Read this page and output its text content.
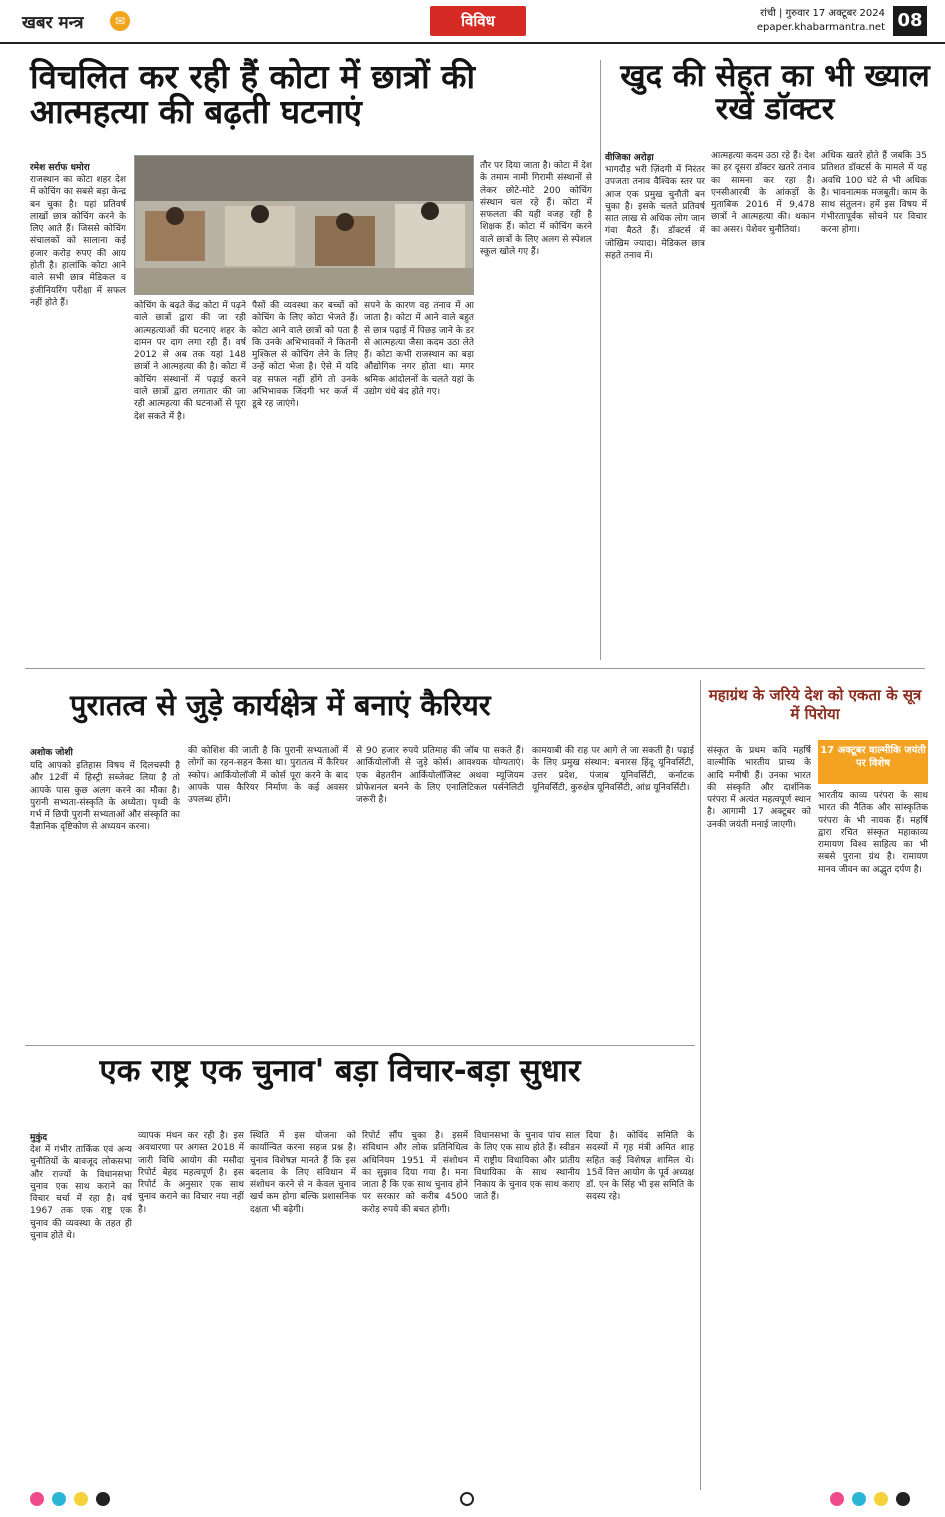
खबर मन्त्र	✉	विविध	रांची | गुरुवार 17 अक्टूबर 2024
epaper.khabarmantra.net 08
विचलित कर रही हैं कोटा में छात्रों की आत्महत्या की बढ़ती घटनाएं
रमेश सर्राफ धमोरा
राजस्थान का कोटा शहर देश में कोचिंग का सबसे बड़ा केन्द्र बन चुका है। यहां प्रतिवर्ष लाखों छात्र कोचिंग करने के लिए आते हैं। जिससे कोचिंग संचालकों को सालाना कई हजार करोड़ रुपए की आय होती है। हालांकि कोटा आने वाले सभी छात्र मेडिकल व इंजीनियरिंग परीक्षा में सफल नहीं होते हैं।	कोचिंग के बढ़ते केंद्र कोटा में पढ़ने वाले छात्रों द्वारा की जा रही आत्महत्याओं की घटनाएं शहर के दामन पर दाग लगा रही हैं। वर्ष 2012 से अब तक यहां 148 छात्रों ने आत्महत्या की है। कोटा में कोचिंग संस्थानों में पढ़ाई करने वाले छात्रों द्वारा लगातार की जा रही आत्महत्या की घटनाओं से पूरा देश सकते में है।
पैसों की व्यवस्था कर बच्चों को कोचिंग के लिए कोटा भेजते हैं। कोटा आने वाले छात्रों को पता है कि उनके अभिभावकों ने कितनी मुश्किल से कोचिंग लेने के लिए उन्हें कोटा भेजा है। ऐसे में यदि वह सफल नहीं होंगे तो उनके अभिभावक जिंदगी भर कर्ज में डूबे रह जाएंगे।
सपने के कारण वह तनाव में आ जाता है। कोटा में आने वाले बहुत से छात्र पढ़ाई में पिछड़ जाने के डर से आत्महत्या जैसा कदम उठा लेते हैं। कोटा कभी राजस्थान का बड़ा औद्योगिक नगर होता था। मगर श्रमिक आंदोलनों के चलते यहां के उद्योग धंधे बंद होते गए।
तौर पर दिया जाता है। कोटा में देश के तमाम नामी गिरामी संस्थानों से लेकर छोटे-मोटे 200 कोचिंग संस्थान चल रहे हैं। कोटा में सफलता की यही वजह रही है शिक्षक हैं। कोटा में कोचिंग करने वाले छात्रों के लिए अलग से स्पेशल स्कूल खोले गए हैं।
खुद की सेहत का भी ख्याल रखें डॉक्टर
वीजिका अरोड़ा
भागदौड़ भरी ज़िंदगी में निरंतर उपजता तनाव वैश्विक स्तर पर आज एक प्रमुख चुनौती बन चुका है। इसके चलते प्रतिवर्ष सात लाख से अधिक लोग जान गंवा बैठते हैं। डॉक्टर्स में जोखिम ज्यादा। मेडिकल छात्र सहते तनाव में।
आत्महत्या कदम उठा रहे हैं। देश का हर दूसरा डॉक्टर खतरे तनाव का सामना कर रहा है। एनसीआरबी के आंकड़ों के मुताबिक 2016 में 9,478 छात्रों ने आत्महत्या की। थकान का असर। पेशेवर चुनौतियां।
अधिक खतरे होते हैं जबकि 35 प्रतिशत डॉक्टर्स के मामले में यह अवधि 100 घंटे से भी अधिक है। भावनात्मक मजबूती। काम के साथ संतुलन। हमें इस विषय में गंभीरतापूर्वक सोचने पर विचार करना होगा।
पुरातत्व से जुड़े कार्यक्षेत्र में बनाएं कैरियर
अशोक जोशी
यदि आपको इतिहास विषय में दिलचस्पी है और 12वीं में हिस्ट्री सब्जेक्ट लिया है तो आपके पास कुछ अलग करने का मौका है। पुरानी सभ्यता-संस्कृति के अध्येता। पृथ्वी के गर्भ में छिपी पुरानी सभ्यताओं और संस्कृति का वैज्ञानिक दृष्टिकोण से अध्ययन करना।
की कोशिश की जाती है कि पुरानी सभ्यताओं में लोगों का रहन-सहन कैसा था। पुरातत्व में कैरियर स्कोप। आर्कियोलॉजी में कोर्स पूरा करने के बाद आपके पास कैरियर निर्माण के कई अवसर उपलब्ध होंगे।
से 90 हजार रुपये प्रतिमाह की जॉब पा सकते हैं। आर्कियोलॉजी से जुड़े कोर्स। आवश्यक योग्यताएं। एक बेहतरीन आर्कियोलॉजिस्ट अथवा म्यूजियम प्रोफेशनल बनने के लिए एनालिटिकल पर्सनेलिटी जरूरी है।
कामयाबी की राह पर आगे ले जा सकती है। पढ़ाई के लिए प्रमुख संस्थान: बनारस हिंदू यूनिवर्सिटी, उत्तर प्रदेश, पंजाब यूनिवर्सिटी, कर्नाटक यूनिवर्सिटी, कुरुक्षेत्र यूनिवर्सिटी, आंध्र यूनिवर्सिटी।
महाग्रंथ के जरिये देश को एकता के सूत्र में पिरोया
17 अक्टूबर वाल्मीकि जयंती पर विशेष
संस्कृत के प्रथम कवि महर्षि वाल्मीकि भारतीय प्राच्य के आदि मनीषी हैं। उनका भारत की संस्कृति और दार्शनिक परंपरा में अत्यंत महत्वपूर्ण स्थान है। आगामी 17 अक्टूबर को उनकी जयंती मनाई जाएगी।
भारतीय काव्य परंपरा के साथ भारत की नैतिक और सांस्कृतिक परंपरा के भी नायक हैं। महर्षि द्वारा रचित संस्कृत महाकाव्य रामायण विश्व साहित्य का भी सबसे पुराना ग्रंथ है। रामायण मानव जीवन का अद्भुत दर्पण है।
एक राष्ट्र एक चुनाव' बड़ा विचार-बड़ा सुधार
मुकुंद
देश में गंभीर तार्किक एवं अन्य चुनौतियों के बावजूद लोकसभा और राज्यों के विधानसभा चुनाव एक साथ कराने का विचार चर्चा में रहा है। वर्ष 1967 तक एक राष्ट्र एक चुनाव की व्यवस्था के तहत ही चुनाव होते थे।
व्यापक मंथन कर रही है। इस अवधारणा पर अगस्त 2018 में जारी विधि आयोग की मसौदा रिपोर्ट बेहद महत्वपूर्ण है। इस रिपोर्ट के अनुसार एक साथ चुनाव कराने का विचार नया नहीं है।
स्थिति में इस योजना को कार्यान्वित करना सहज प्रश्न है। चुनाव विशेषज्ञ मानते हैं कि इस बदलाव के लिए संविधान में संशोधन करने से न केवल चुनाव खर्च कम होगा बल्कि प्रशासनिक दक्षता भी बढ़ेगी।
रिपोर्ट सौंप चुका है। इसमें संविधान और लोक प्रतिनिधित्व अधिनियम 1951 में संशोधन का सुझाव दिया गया है। मना जाता है कि एक साथ चुनाव होने पर सरकार को करीब 4500 करोड़ रुपये की बचत होगी।
विधानसभा के चुनाव पांच साल के लिए एक साथ होते हैं। स्वीडन में राष्ट्रीय विधायिका और प्रांतीय विधायिका के साथ स्थानीय निकाय के चुनाव एक साथ कराए जाते हैं।
दिया है। कोविंद समिति के सदस्यों में गृह मंत्री अमित शाह सहित कई विशेषज्ञ शामिल थे। 15वें वित्त आयोग के पूर्व अध्यक्ष डॉ. एन के सिंह भी इस समिति के सदस्य रहे।
